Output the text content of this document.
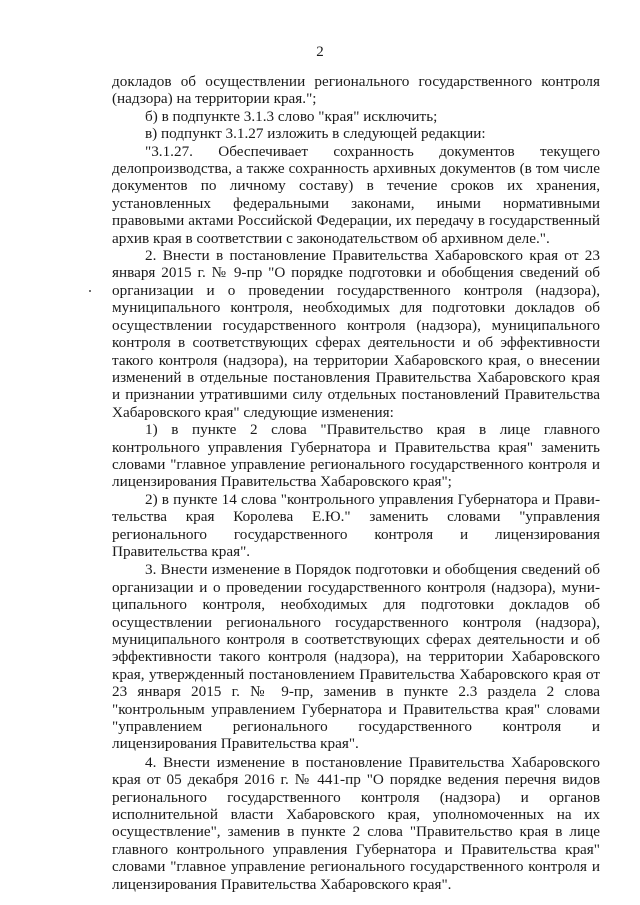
2

докладов об осуществлении регионального государственного контроля (надзора) на территории края.";

б) в подпункте 3.1.3 слово "края" исключить;

в) подпункт 3.1.27 изложить в следующей редакции:

"3.1.27. Обеспечивает сохранность документов текущего делопроизводства, а также сохранность архивных документов (в том числе документов по личному составу) в течение сроков их хранения, установленных федеральными законами, иными нормативными правовыми актами Российской Федерации, их передачу в государственный архив края в соответствии с законодательством об архивном деле.".

2. Внести в постановление Правительства Хабаровского края от 23 января 2015 г. № 9-пр "О порядке подготовки и обобщения сведений об организации и о проведении государственного контроля (надзора), муниципального контроля, необходимых для подготовки докладов об осуществлении государственного контроля (надзора), муниципального контроля в соответствующих сферах деятельности и об эффективности такого контроля (надзора), на территории Хабаровского края, о внесении изменений в отдельные постановления Правительства Хабаровского края и признании утратившими силу отдельных постановлений Правительства Хабаровского края" следующие изменения:

1) в пункте 2 слова "Правительство края в лице главного контрольного управления Губернатора и Правительства края" заменить словами "главное управление регионального государственного контроля и лицензирования Правительства Хабаровского края";

2) в пункте 14 слова "контрольного управления Губернатора и Правительства края Королева Е.Ю." заменить словами "управления регионального государственного контроля и лицензирования Правительства края".

3. Внести изменение в Порядок подготовки и обобщения сведений об организации и о проведении государственного контроля (надзора), муниципального контроля, необходимых для подготовки докладов об осуществлении регионального государственного контроля (надзора), муниципального контроля в соответствующих сферах деятельности и об эффективности такого контроля (надзора), на территории Хабаровского края, утвержденный постановлением Правительства Хабаровского края от 23 января 2015 г. № 9-пр, заменив в пункте 2.3 раздела 2 слова "контрольным управлением Губернатора и Правительства края" словами "управлением регионального государственного контроля и лицензирования Правительства края".

4. Внести изменение в постановление Правительства Хабаровского края от 05 декабря 2016 г. № 441-пр "О порядке ведения перечня видов регионального государственного контроля (надзора) и органов исполнительной власти Хабаровского края, уполномоченных на их осуществление", заменив в пункте 2 слова "Правительство края в лице главного контрольного управления Губернатора и Правительства края" словами "главное управление регионального государственного контроля и лицензирования Правительства Хабаровского края".
